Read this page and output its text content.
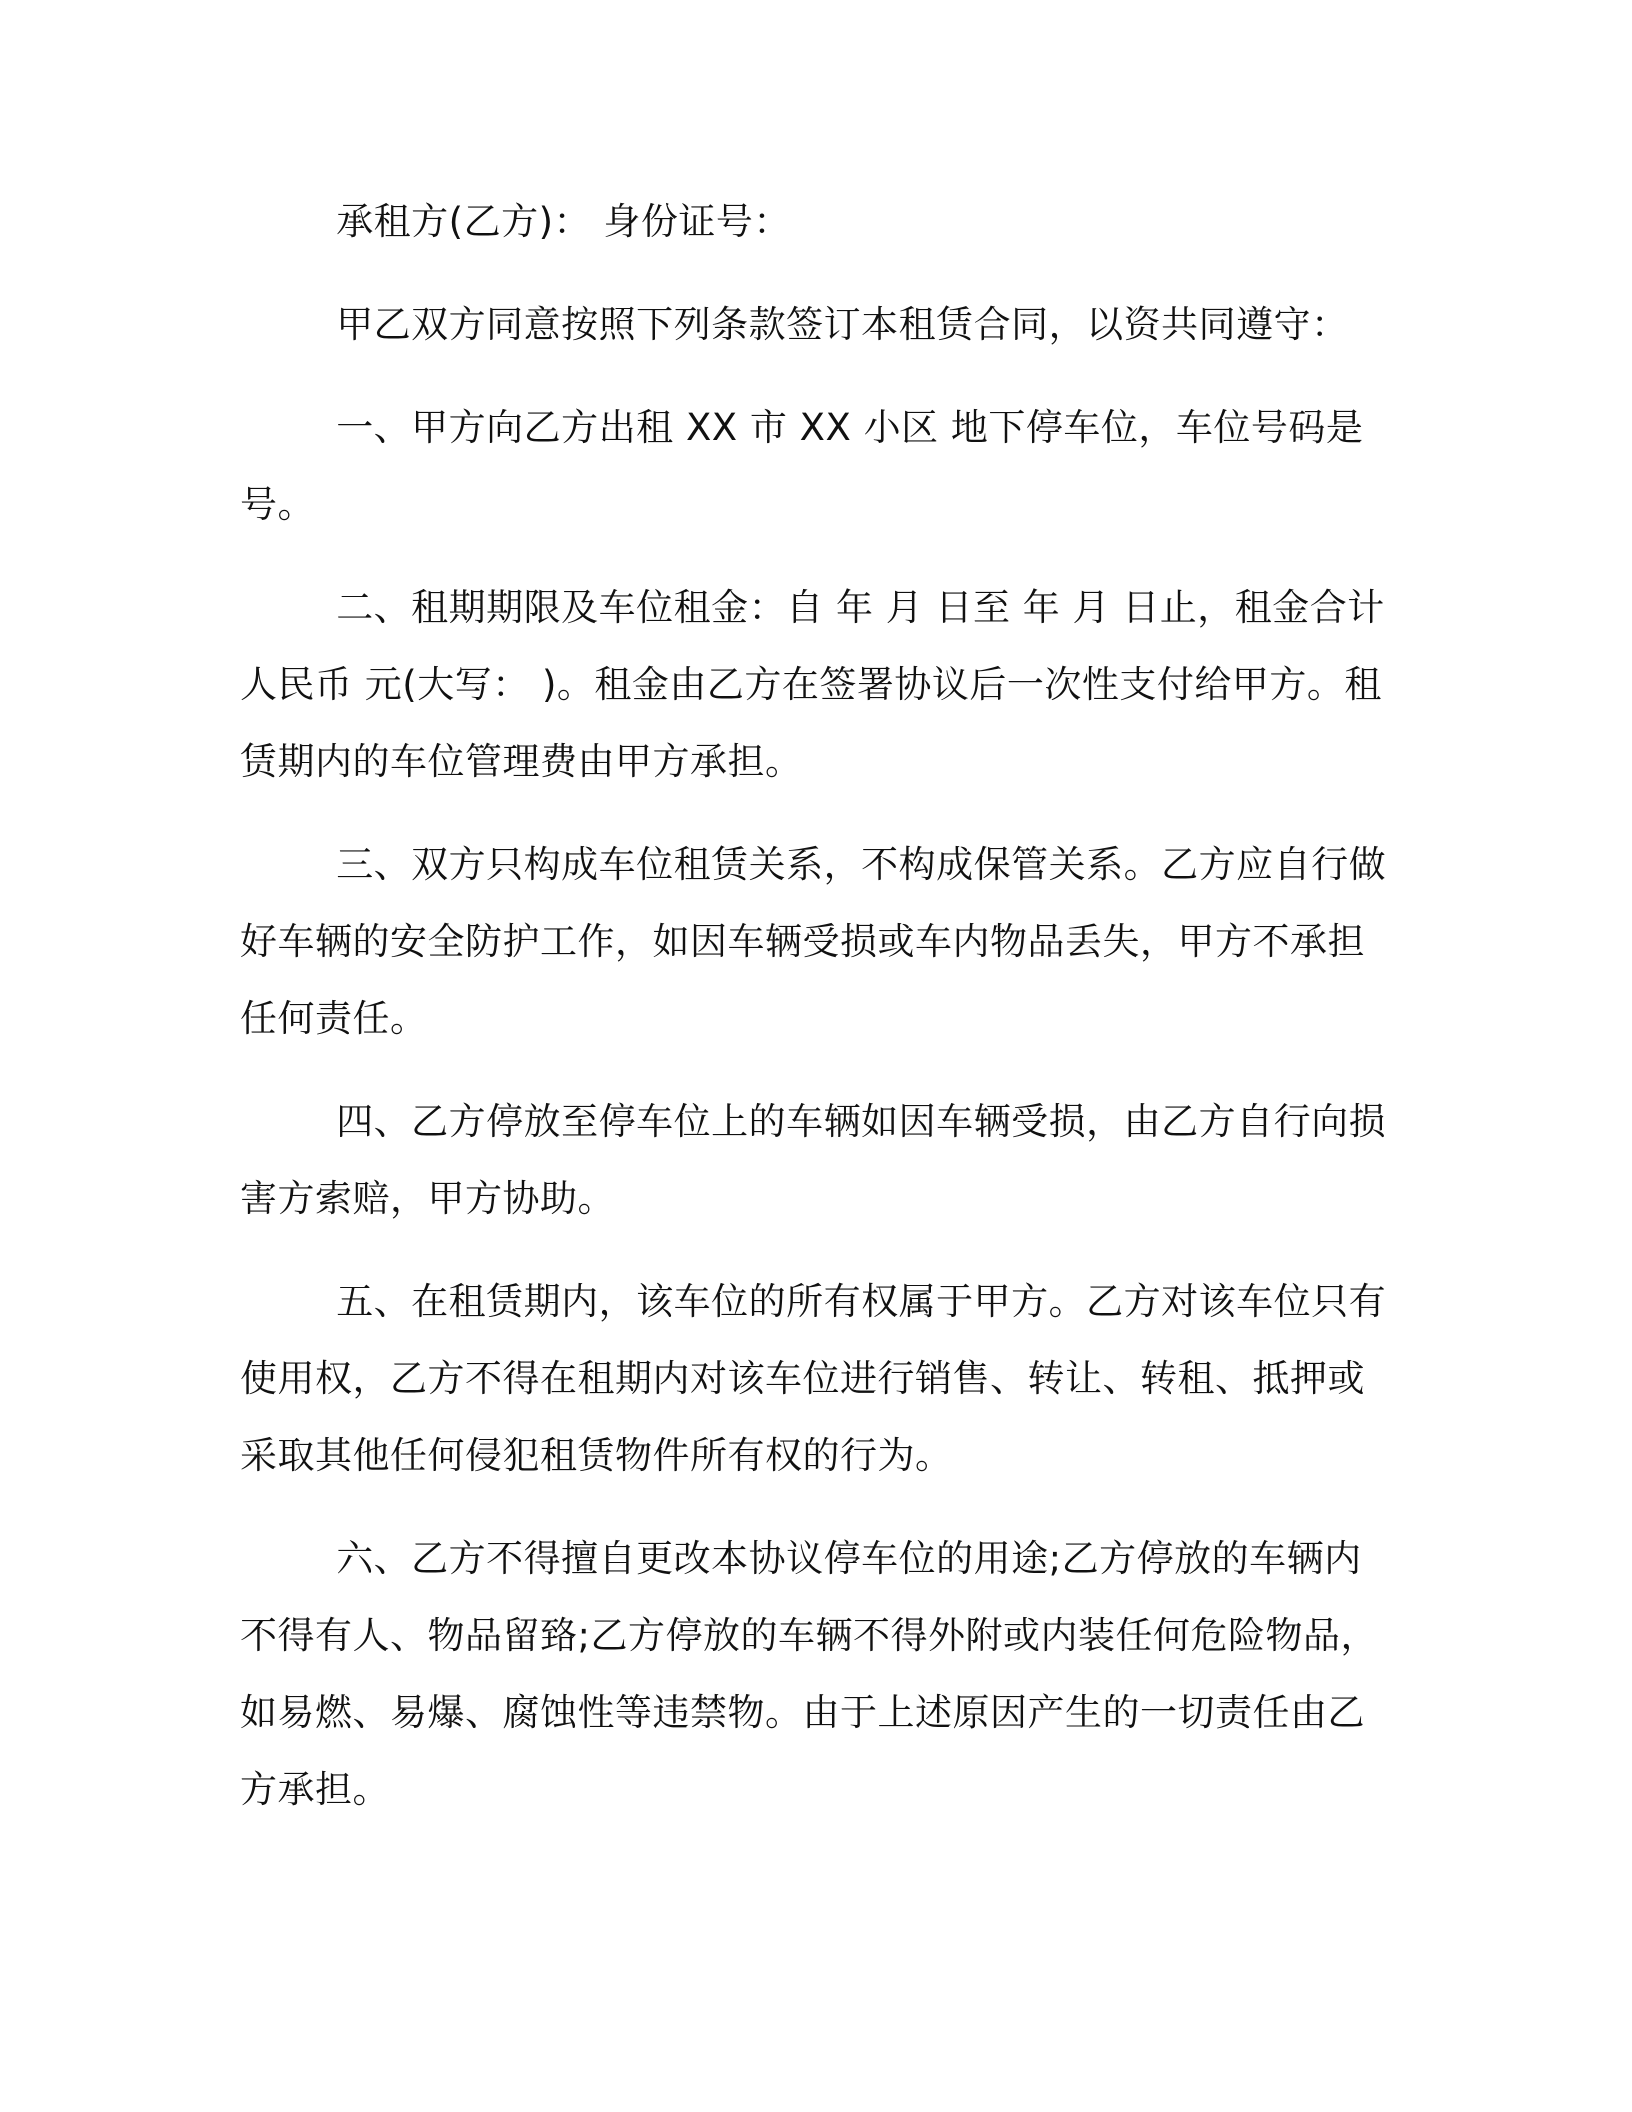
承租方(乙方)： 身份证号：

甲乙双方同意按照下列条款签订本租赁合同，以资共同遵守：

一、甲方向乙方出租 XX 市 XX 小区 地下停车位，车位号码是 号。

二、租期期限及车位租金：自 年 月 日至 年 月 日止，租金合计人民币 元(大写： )。租金由乙方在签署协议后一次性支付给甲方。租赁期内的车位管理费由甲方承担。

三、双方只构成车位租赁关系，不构成保管关系。乙方应自行做好车辆的安全防护工作，如因车辆受损或车内物品丢失，甲方不承担任何责任。

四、乙方停放至停车位上的车辆如因车辆受损，由乙方自行向损害方索赔，甲方协助。

五、在租赁期内，该车位的所有权属于甲方。乙方对该车位只有使用权，乙方不得在租期内对该车位进行销售、转让、转租、抵押或采取其他任何侵犯租赁物件所有权的行为。

六、乙方不得擅自更改本协议停车位的用途;乙方停放的车辆内不得有人、物品留臵;乙方停放的车辆不得外附或内装任何危险物品，如易燃、易爆、腐蚀性等违禁物。由于上述原因产生的一切责任由乙方承担。
